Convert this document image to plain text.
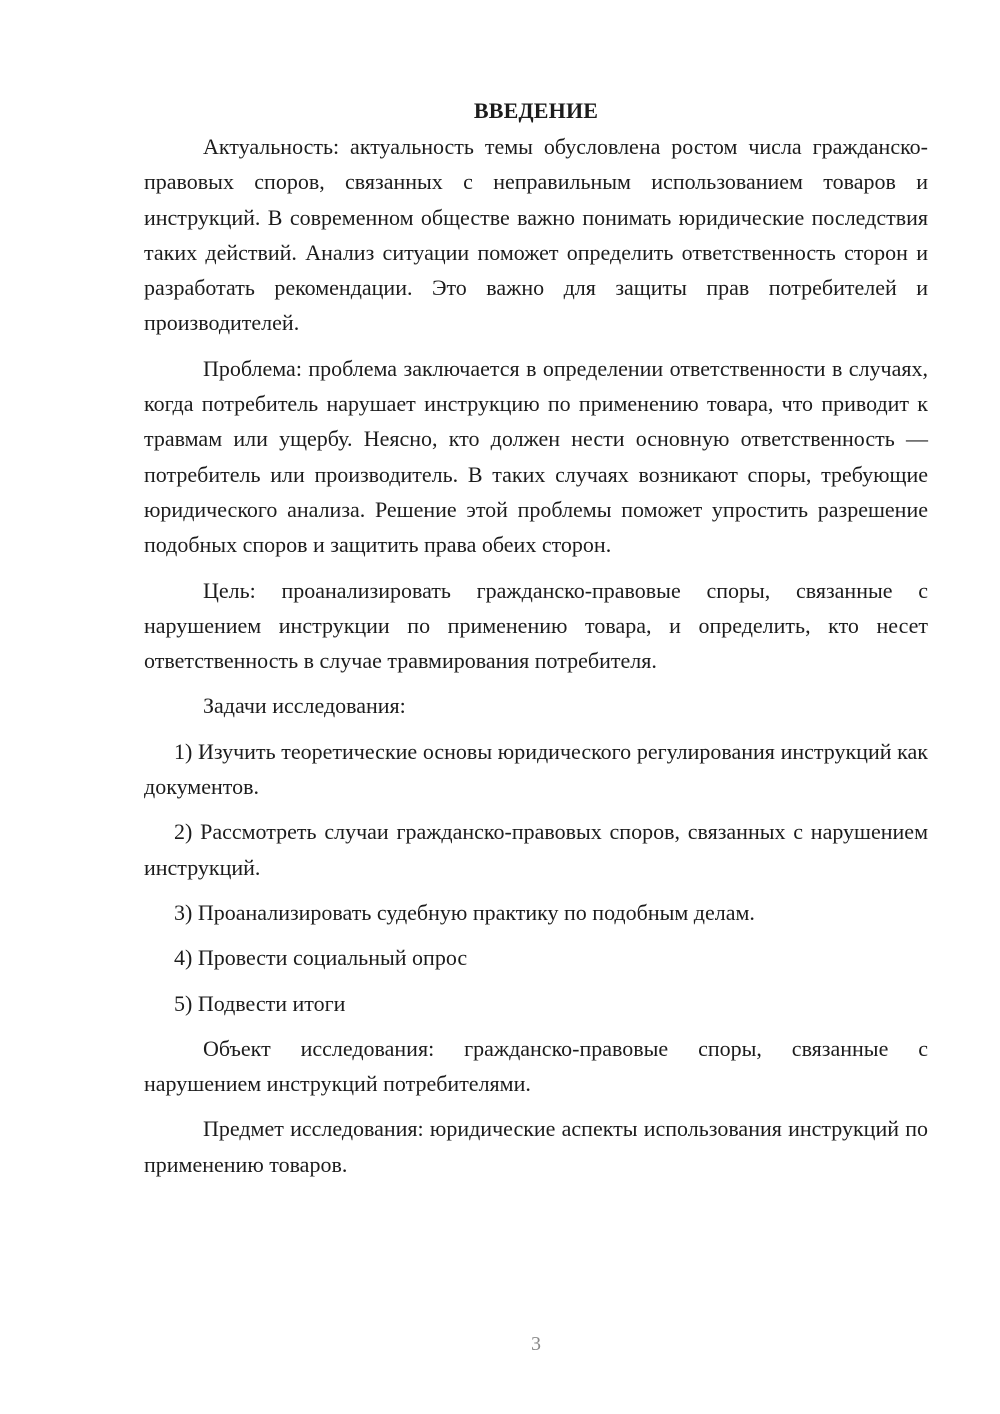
ВВЕДЕНИЕ

Актуальность: актуальность темы обусловлена ростом числа гражданско-правовых споров, связанных с неправильным использованием товаров и инструкций. В современном обществе важно понимать юридические последствия таких действий. Анализ ситуации поможет определить ответственность сторон и разработать рекомендации. Это важно для защиты прав потребителей и производителей.

Проблема: проблема заключается в определении ответственности в случаях, когда потребитель нарушает инструкцию по применению товара, что приводит к травмам или ущербу. Неясно, кто должен нести основную ответственность — потребитель или производитель. В таких случаях возникают споры, требующие юридического анализа. Решение этой проблемы поможет упростить разрешение подобных споров и защитить права обеих сторон.

Цель: проанализировать гражданско-правовые споры, связанные с нарушением инструкции по применению товара, и определить, кто несет ответственность в случае травмирования потребителя.

Задачи исследования:

1) Изучить теоретические основы юридического регулирования инструкций как документов.

2) Рассмотреть случаи гражданско-правовых споров, связанных с нарушением инструкций.

3) Проанализировать судебную практику по подобным делам.

4) Провести социальный опрос

5) Подвести итоги

Объект исследования: гражданско-правовые споры, связанные с нарушением инструкций потребителями.

Предмет исследования: юридические аспекты использования инструкций по применению товаров.

3
